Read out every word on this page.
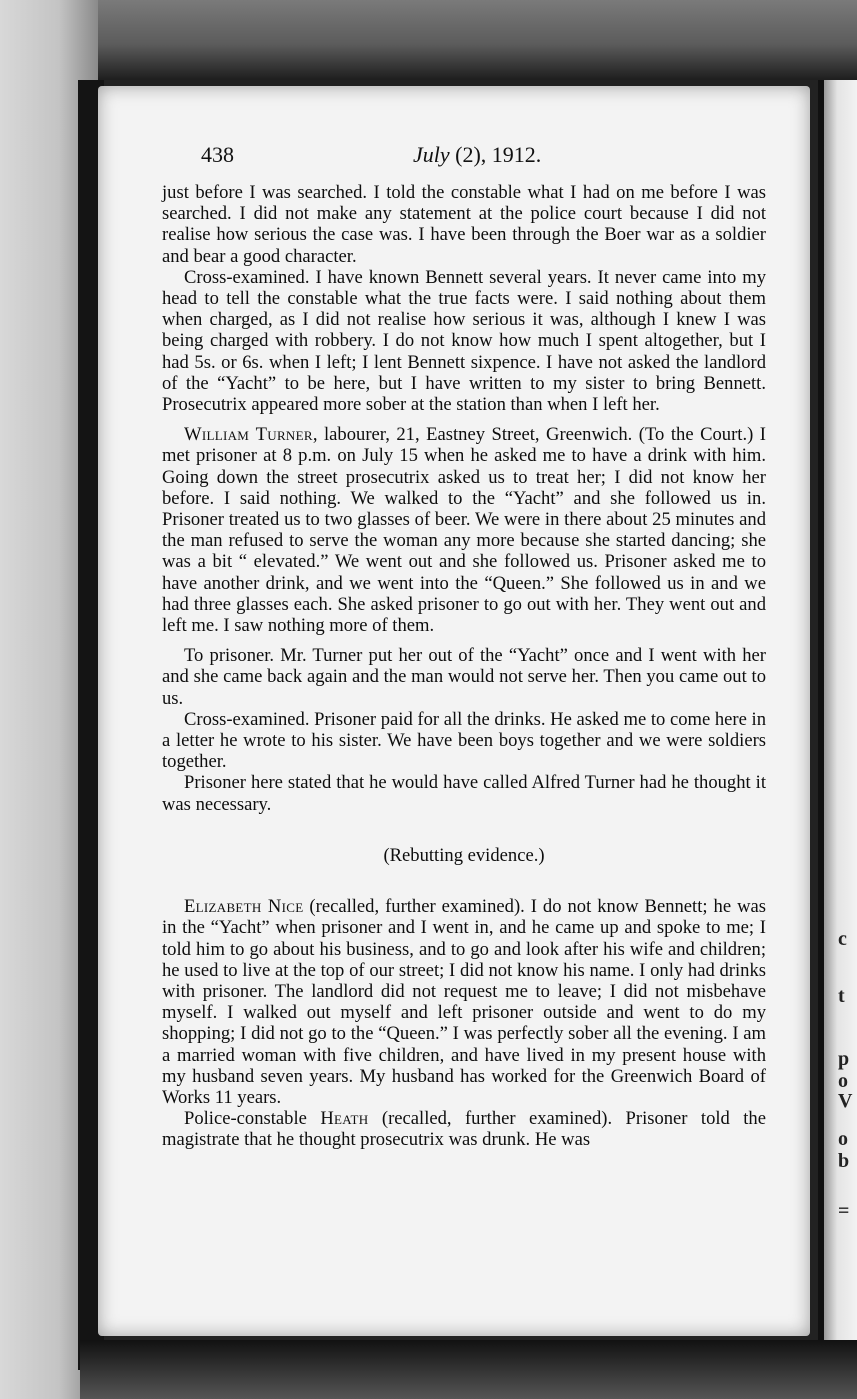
c
t
p
o
V
o
b
=
438	July (2), 1912.

just before I was searched. I told the constable what I had on me before I was searched. I did not make any statement at the police court because I did not realise how serious the case was. I have been through the Boer war as a soldier and bear a good character.

Cross-examined. I have known Bennett several years. It never came into my head to tell the constable what the true facts were. I said nothing about them when charged, as I did not realise how serious it was, although I knew I was being charged with robbery. I do not know how much I spent altogether, but I had 5s. or 6s. when I left; I lent Bennett sixpence. I have not asked the landlord of the “Yacht” to be here, but I have written to my sister to bring Bennett. Prosecutrix appeared more sober at the station than when I left her.

William Turner, labourer, 21, Eastney Street, Greenwich. (To the Court.) I met prisoner at 8 p.m. on July 15 when he asked me to have a drink with him. Going down the street prosecutrix asked us to treat her; I did not know her before. I said nothing. We walked to the “Yacht” and she followed us in. Prisoner treated us to two glasses of beer. We were in there about 25 minutes and the man refused to serve the woman any more because she started dancing; she was a bit “ elevated.” We went out and she followed us. Prisoner asked me to have another drink, and we went into the “Queen.” She followed us in and we had three glasses each. She asked prisoner to go out with her. They went out and left me. I saw nothing more of them.

To prisoner. Mr. Turner put her out of the “Yacht” once and I went with her and she came back again and the man would not serve her. Then you came out to us.

Cross-examined. Prisoner paid for all the drinks. He asked me to come here in a letter he wrote to his sister. We have been boys together and we were soldiers together.

Prisoner here stated that he would have called Alfred Turner had he thought it was necessary.

(Rebutting evidence.)

Elizabeth Nice (recalled, further examined). I do not know Bennett; he was in the “Yacht” when prisoner and I went in, and he came up and spoke to me; I told him to go about his business, and to go and look after his wife and children; he used to live at the top of our street; I did not know his name. I only had drinks with prisoner. The landlord did not request me to leave; I did not misbehave myself. I walked out myself and left prisoner outside and went to do my shopping; I did not go to the “Queen.” I was perfectly sober all the evening. I am a married woman with five children, and have lived in my present house with my husband seven years. My husband has worked for the Greenwich Board of Works 11 years.

Police-constable Heath (recalled, further examined). Prisoner told the magistrate that he thought prosecutrix was drunk. He was
